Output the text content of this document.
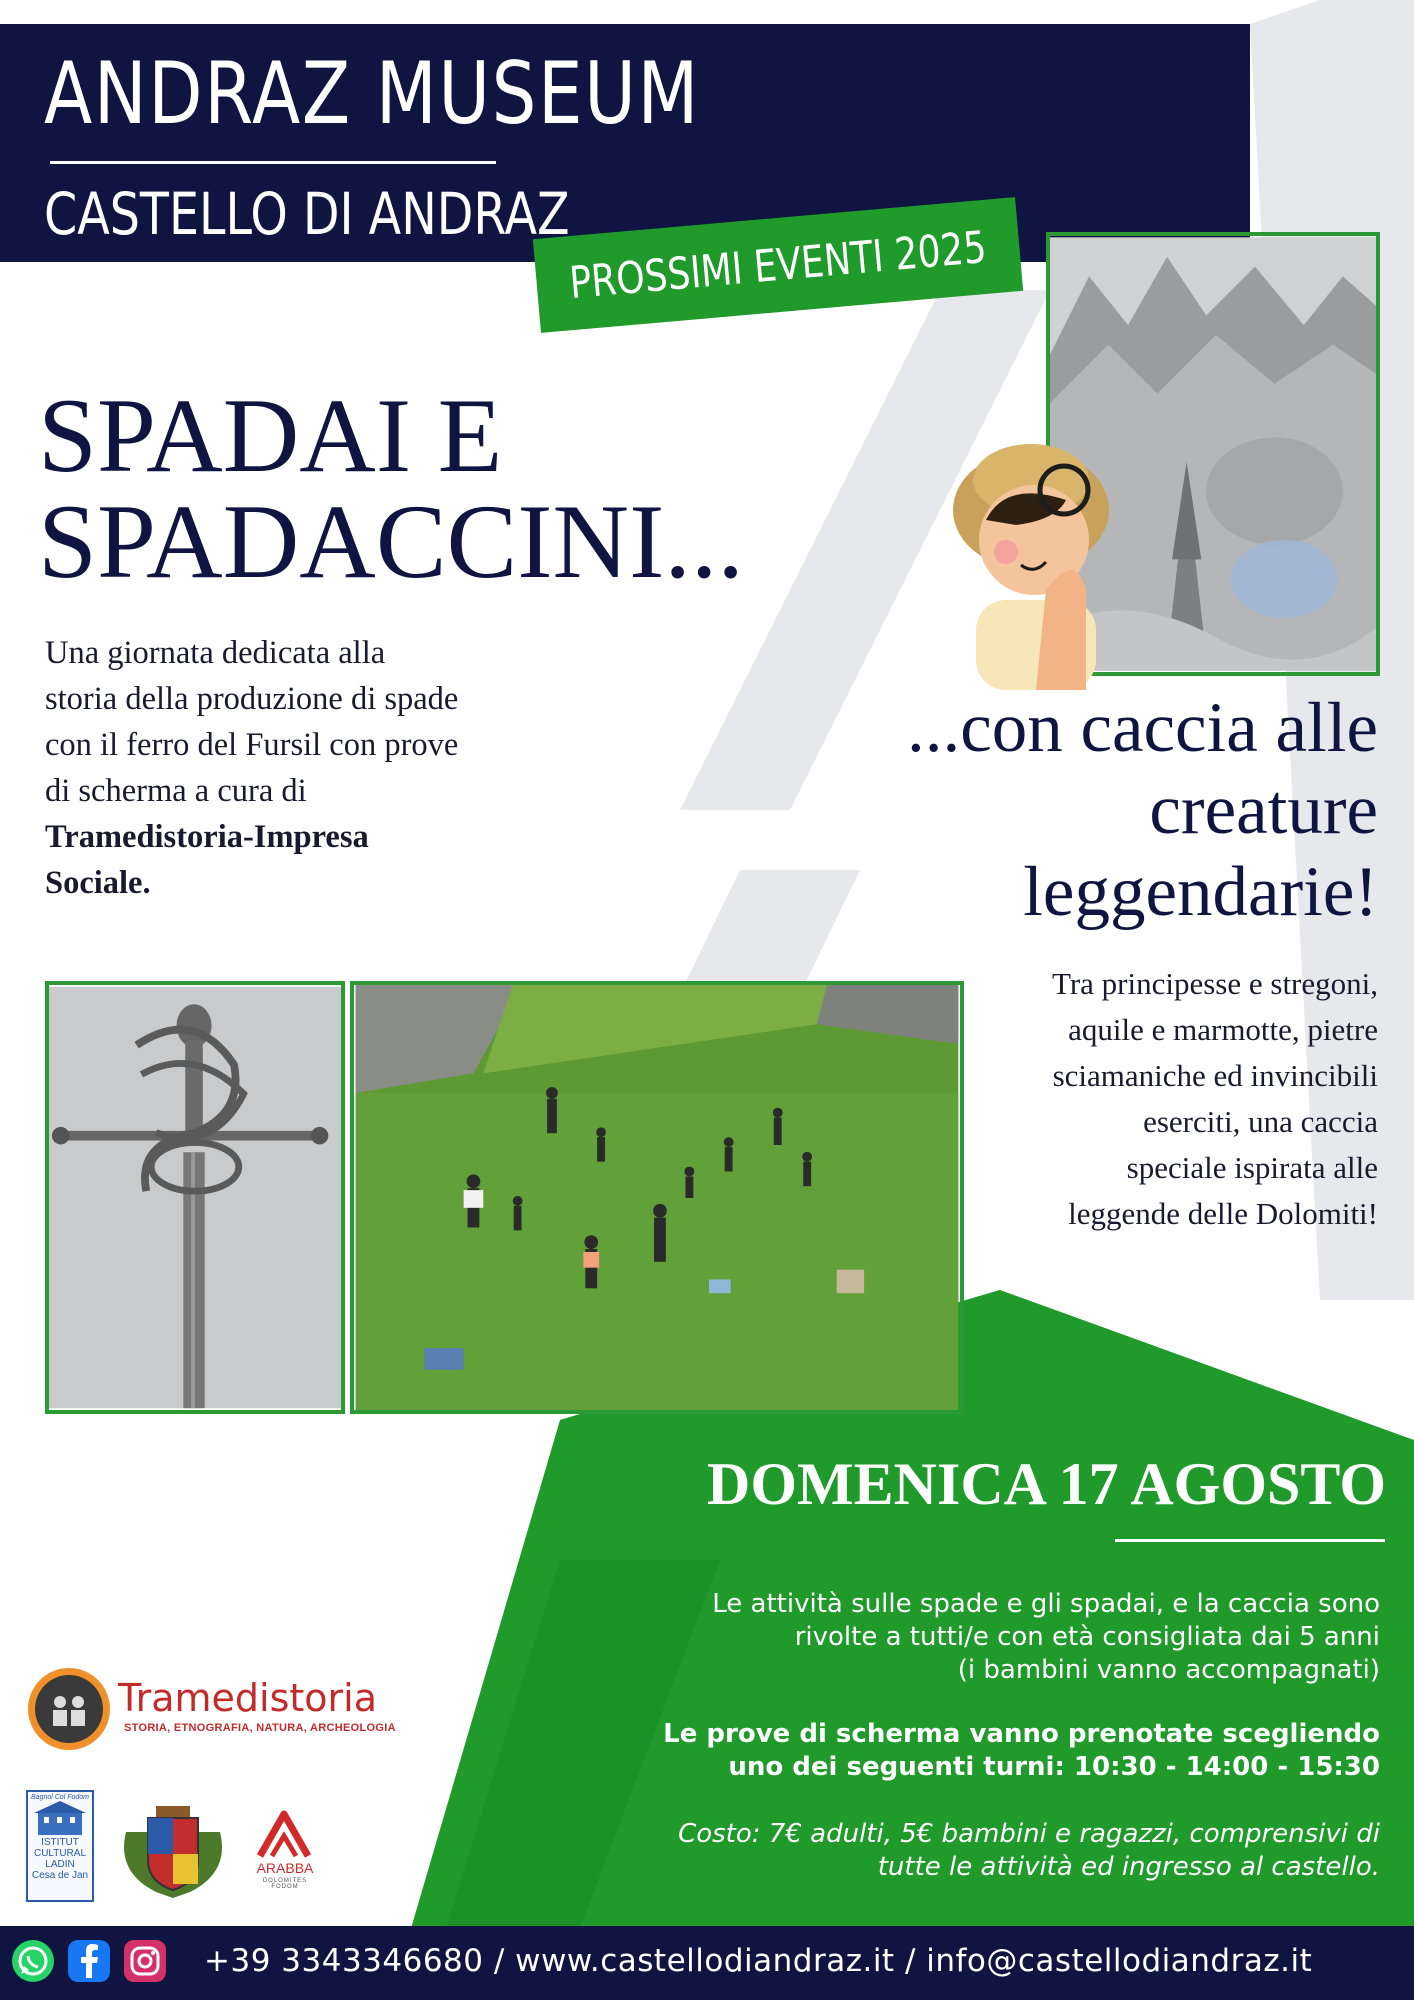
ANDRAZ MUSEUM
CASTELLO DI ANDRAZ
PROSSIMI EVENTI 2025
SPADAI E
SPADACCINI...
Una giornata dedicata alla storia della produzione di spade con il ferro del Fursil con prove di scherma a cura di Tramedistoria-Impresa Sociale.
...con caccia alle
creature
leggendarie!
Tra principesse e stregoni, aquile e marmotte, pietre sciamaniche ed invincibili eserciti, una caccia speciale ispirata alle leggende delle Dolomiti!
DOMENICA 17 AGOSTO
Le attività sulle spade e gli spadai, e la caccia sono
rivolte a tutti/e con età consigliata dai 5 anni
(i bambini vanno accompagnati)
Le prove di scherma vanno prenotate scegliendo
uno dei seguenti turni: 10:30 - 14:00 - 15:30
Costo: 7€ adulti, 5€ bambini e ragazzi, comprensivi di
tutte le attività ed ingresso al castello.
Tramedistoria
STORIA, ETNOGRAFIA, NATURA, ARCHEOLOGIA
Bagnol Col Fodom
ISTITUT
CULTURAL
LADIN
Cesa de Jan	ARABBA
DOLOMITES
FODOM
+39 3343346680 / www.castellodiandraz.it / info@castellodiandraz.it
